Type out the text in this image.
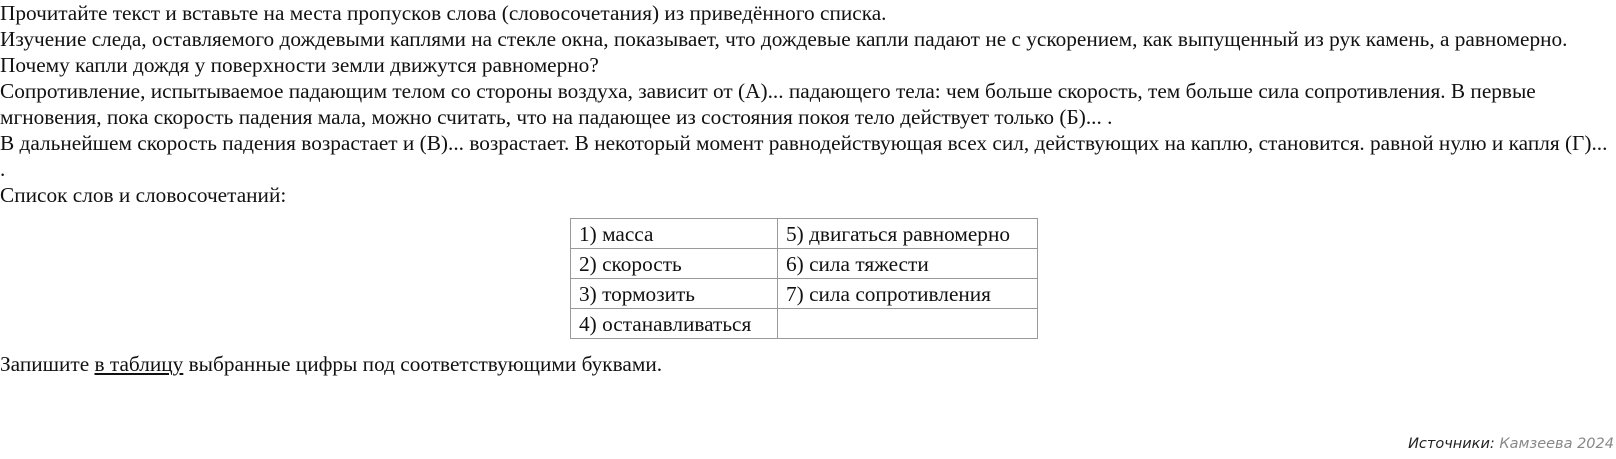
Прочитайте текст и вставьте на места пропусков слова (словосочетания) из приведённого списка.

Изучение следа, оставляемого дождевыми каплями на стекле окна, показывает, что дождевые капли падают не с ускорением, как выпущенный из рук камень, а равномерно.

Почему капли дождя у поверхности земли движутся равномерно?

Сопротивление, испытываемое падающим телом со стороны воздуха, зависит от (А)... падающего тела: чем больше скорость, тем больше сила сопротивления. В первые мгновения, пока скорость падения мала, можно считать, что на падающее из состояния покоя тело действует только (Б)... .

В дальнейшем скорость падения возрастает и (В)... возрастает. В некоторый момент равнодействующая всех сил, действующих на каплю, становится. равной нулю и капля (Г)... .

Список слов и словосочетаний:

1) масса	5) двигаться равномерно
2) скорость	6) сила тяжести
3) тормозить	7) сила сопротивления
4) останавливаться	

Запишите в таблицу выбранные цифры под соответствующими буквами.

Источники: Камзеева 2024
